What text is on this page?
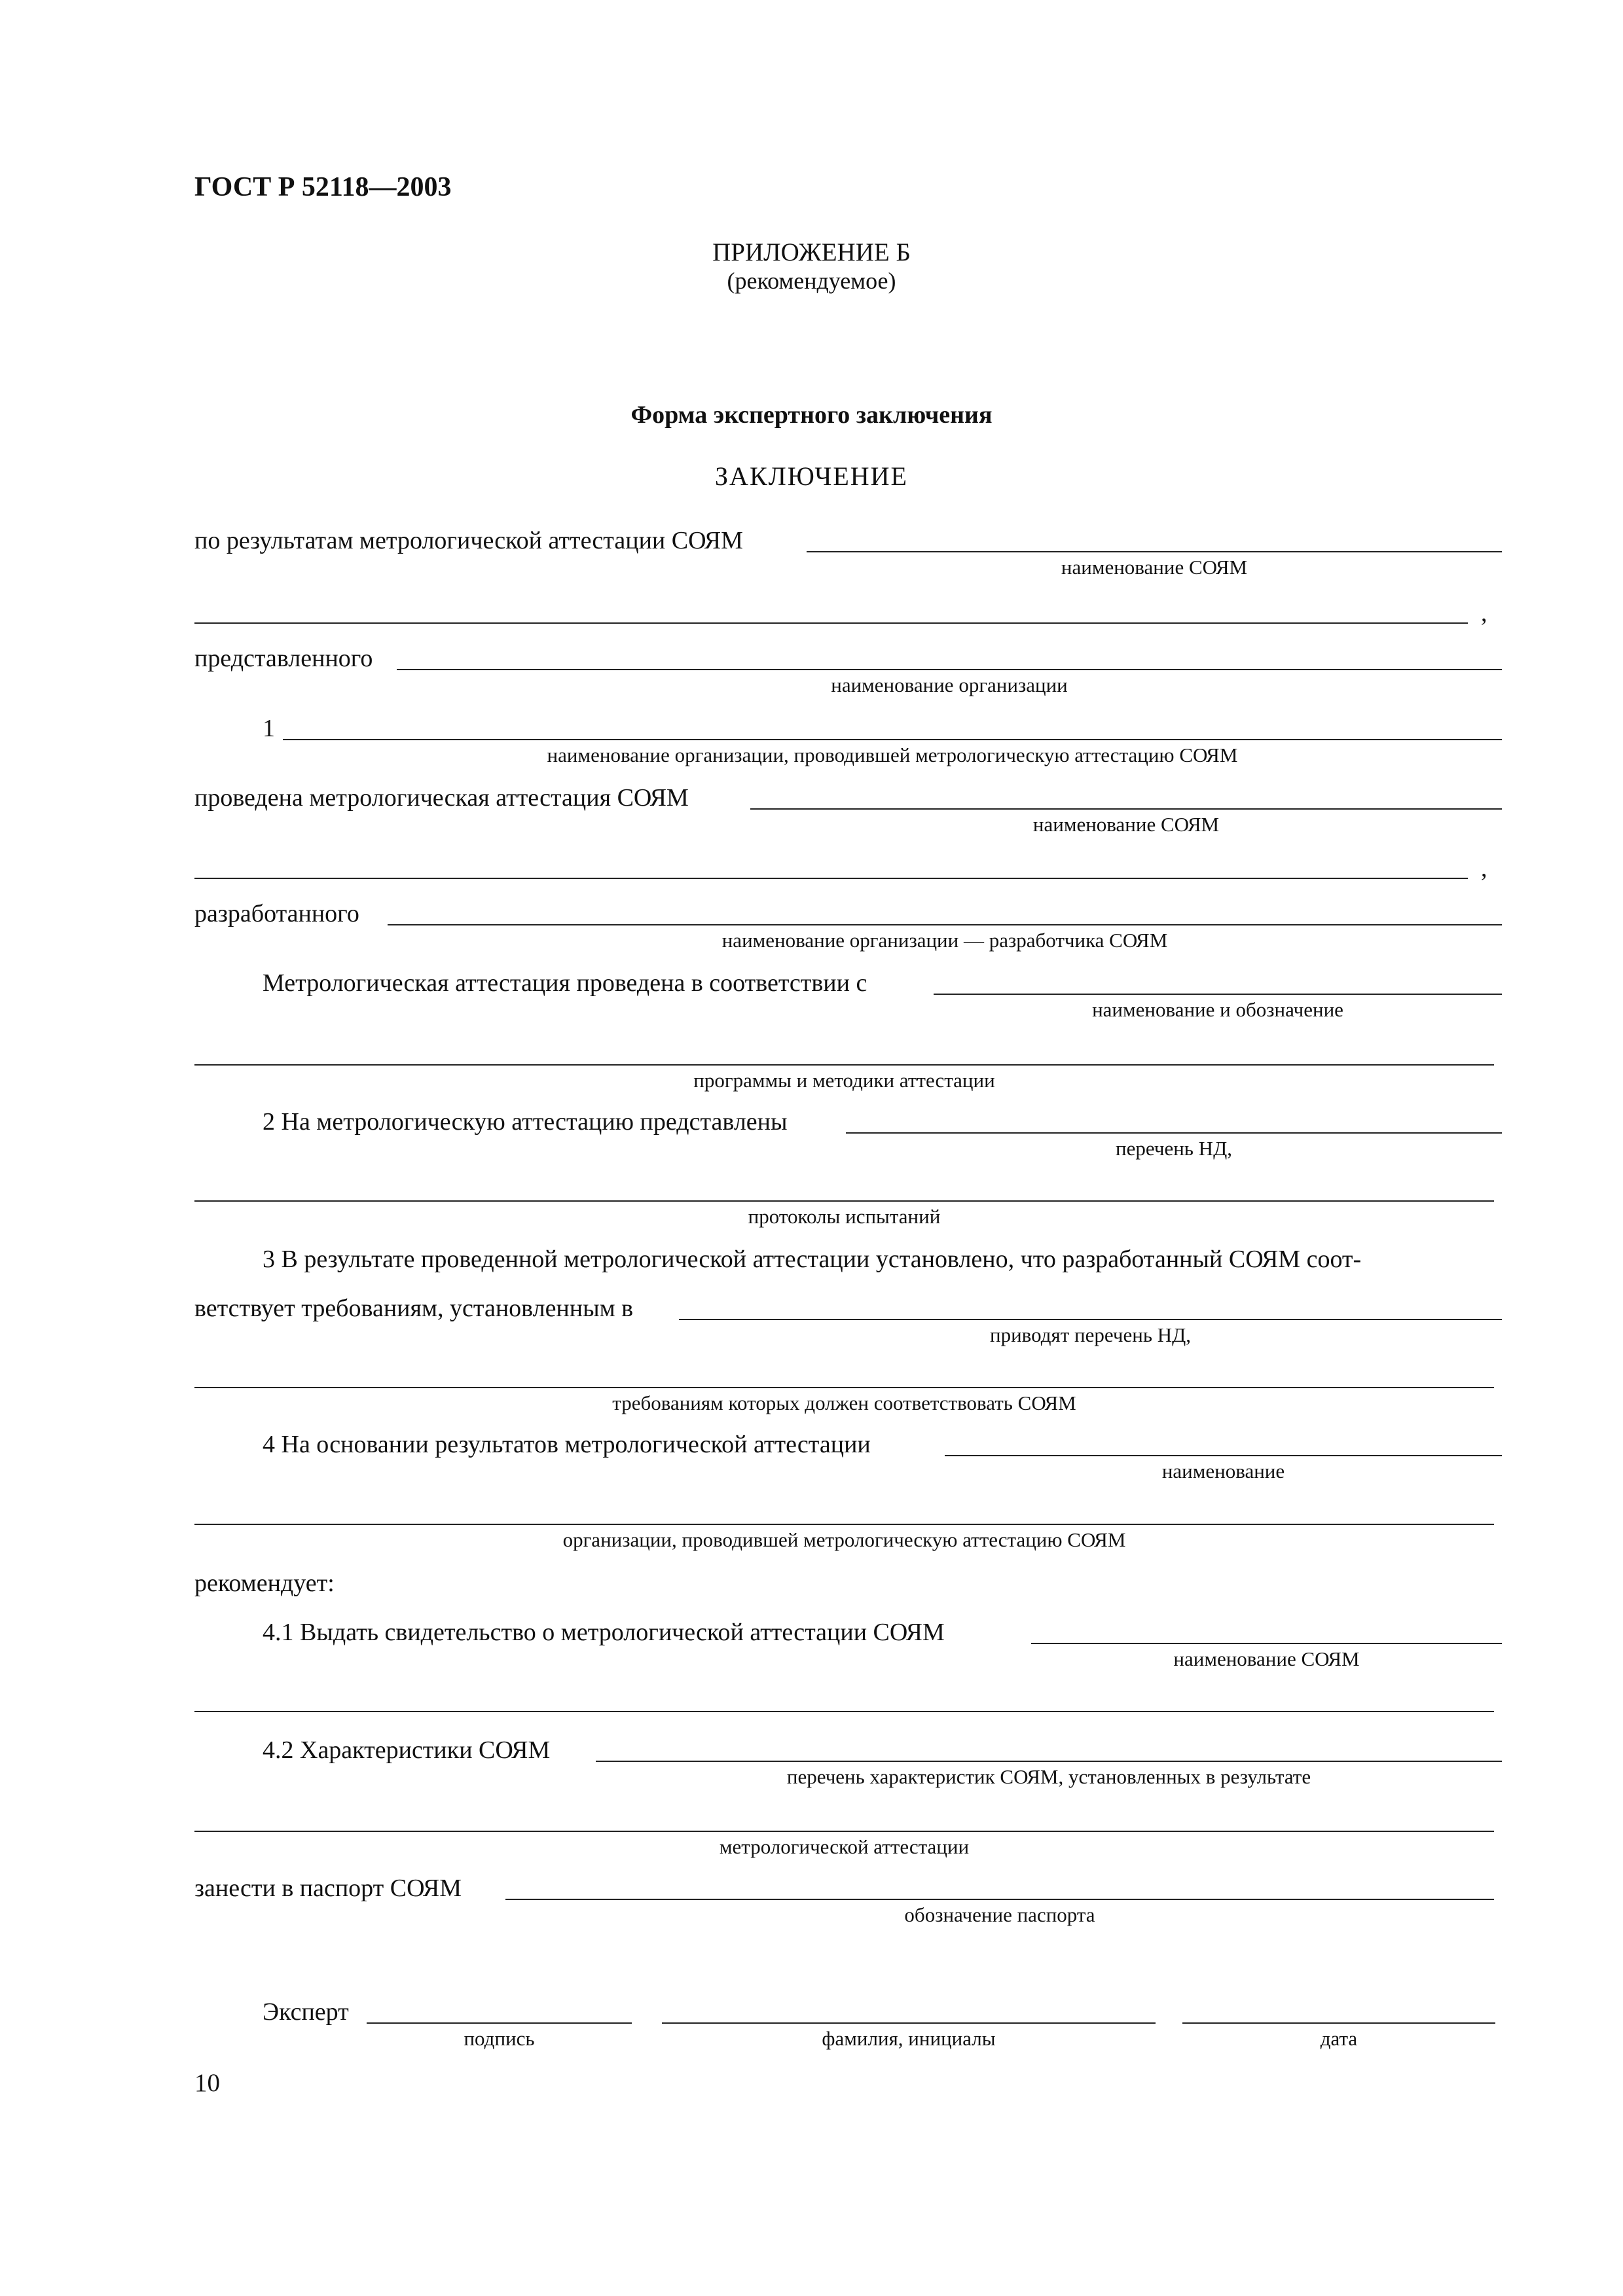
ГОСТ Р 52118—2003
ПРИЛОЖЕНИЕ Б
(рекомендуемое)
Форма экспертного заключения
ЗАКЛЮЧЕНИЕ
по результатам метрологической аттестации СОЯМ
наименование СОЯМ
,
представленного
наименование организации
1
наименование организации, проводившей метрологическую аттестацию СОЯМ
проведена метрологическая аттестация СОЯМ
наименование СОЯМ
,
разработанного
наименование организации — разработчика СОЯМ
Метрологическая аттестация проведена в соответствии с
наименование и обозначение
программы и методики аттестации
2 На метрологическую аттестацию представлены
перечень НД,
протоколы испытаний
3 В результате проведенной метрологической аттестации установлено, что разработанный СОЯМ соот-
ветствует требованиям, установленным в
приводят перечень НД,
требованиям которых должен соответствовать СОЯМ
4 На основании результатов метрологической аттестации
наименование
организации, проводившей метрологическую аттестацию СОЯМ
рекомендует:
4.1 Выдать свидетельство о метрологической аттестации СОЯМ
наименование СОЯМ
4.2 Характеристики СОЯМ
перечень характеристик СОЯМ, установленных в результате
метрологической аттестации
занести в паспорт СОЯМ
обозначение паспорта
Эксперт
подпись	фамилия, инициалы	дата
10
